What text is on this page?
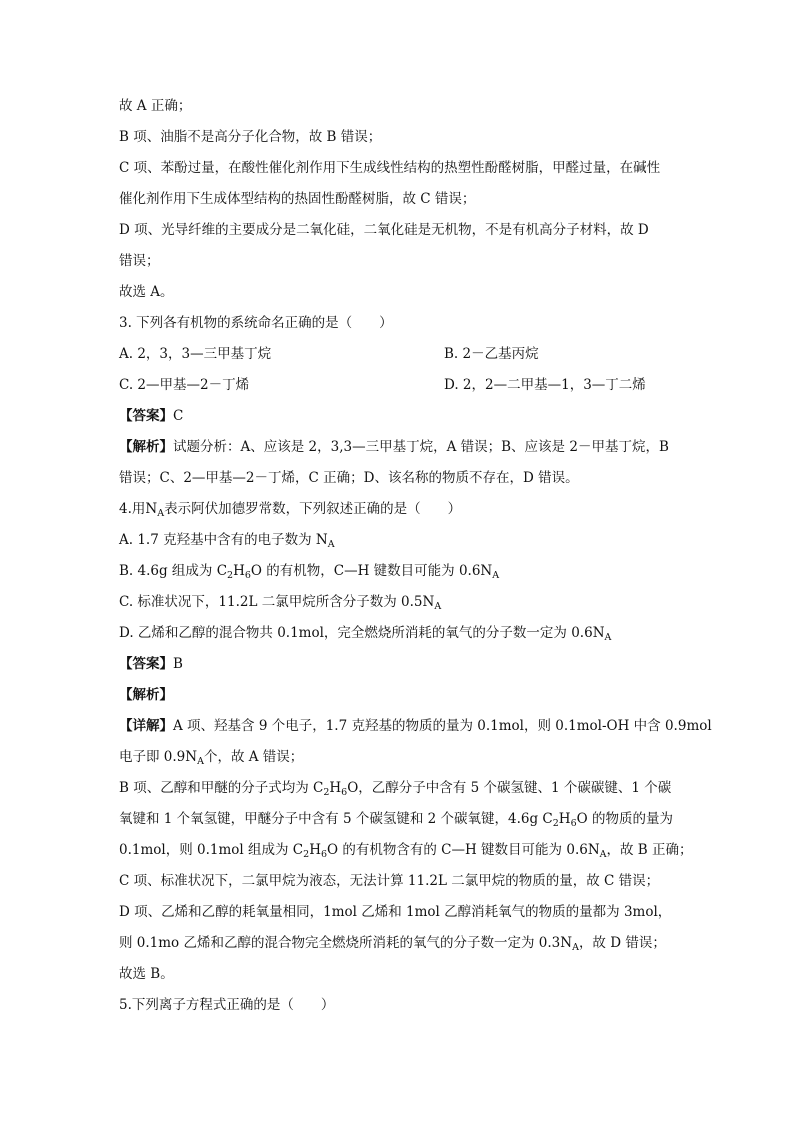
故 A 正确；
B 项、油脂不是高分子化合物，故 B 错误；
C 项、苯酚过量，在酸性催化剂作用下生成线性结构的热塑性酚醛树脂，甲醛过量，在碱性
催化剂作用下生成体型结构的热固性酚醛树脂，故 C 错误；
D 项、光导纤维的主要成分是二氧化硅，二氧化硅是无机物，不是有机高分子材料，故 D
错误；
故选 A。
3. 下列各有机物的系统命名正确的是（　　）
A. 2，3，3—三甲基丁烷	B. 2－乙基丙烷
C. 2—甲基—2－丁烯	D. 2，2—二甲基—1，3—丁二烯
【答案】C
【解析】试题分析：A、应该是 2，3,3—三甲基丁烷，A 错误；B、应该是 2－甲基丁烷，B
错误；C、2—甲基—2－丁烯，C 正确；D、该名称的物质不存在，D 错误。
4.用$N_A$表示阿伏加德罗常数，下列叙述正确的是（　　）
A. 1.7 克羟基中含有的电子数为 $N_A$
B. 4.6g 组成为 $C_2H_6O$ 的有机物，C—H 键数目可能为 $0.6N_A$
C. 标准状况下，11.2L 二氯甲烷所含分子数为 $0.5N_A$
D. 乙烯和乙醇的混合物共 0.1mol，完全燃烧所消耗的氧气的分子数一定为 $0.6N_A$
【答案】B
【解析】
【详解】A 项、羟基含 9 个电子，1.7 克羟基的物质的量为 0.1mol，则 0.1mol-OH 中含 0.9mol
电子即 $0.9N_A$个，故 A 错误；
B 项、乙醇和甲醚的分子式均为 $C_2H_6O$，乙醇分子中含有 5 个碳氢键、1 个碳碳键、1 个碳
氧键和 1 个氧氢键，甲醚分子中含有 5 个碳氢键和 2 个碳氧键，4.6g $C_2H_6O$ 的物质的量为
0.1mol，则 0.1mol 组成为 $C_2H_6O$ 的有机物含有的 C—H 键数目可能为 $0.6N_A$，故 B 正确；
C 项、标准状况下，二氯甲烷为液态，无法计算 11.2L 二氯甲烷的物质的量，故 C 错误；
D 项、乙烯和乙醇的耗氧量相同，1mol 乙烯和 1mol 乙醇消耗氧气的物质的量都为 3mol，
则 0.1mo 乙烯和乙醇的混合物完全燃烧所消耗的氧气的分子数一定为 $0.3N_A$，故 D 错误；
故选 B。
5.下列离子方程式正确的是（　　）
